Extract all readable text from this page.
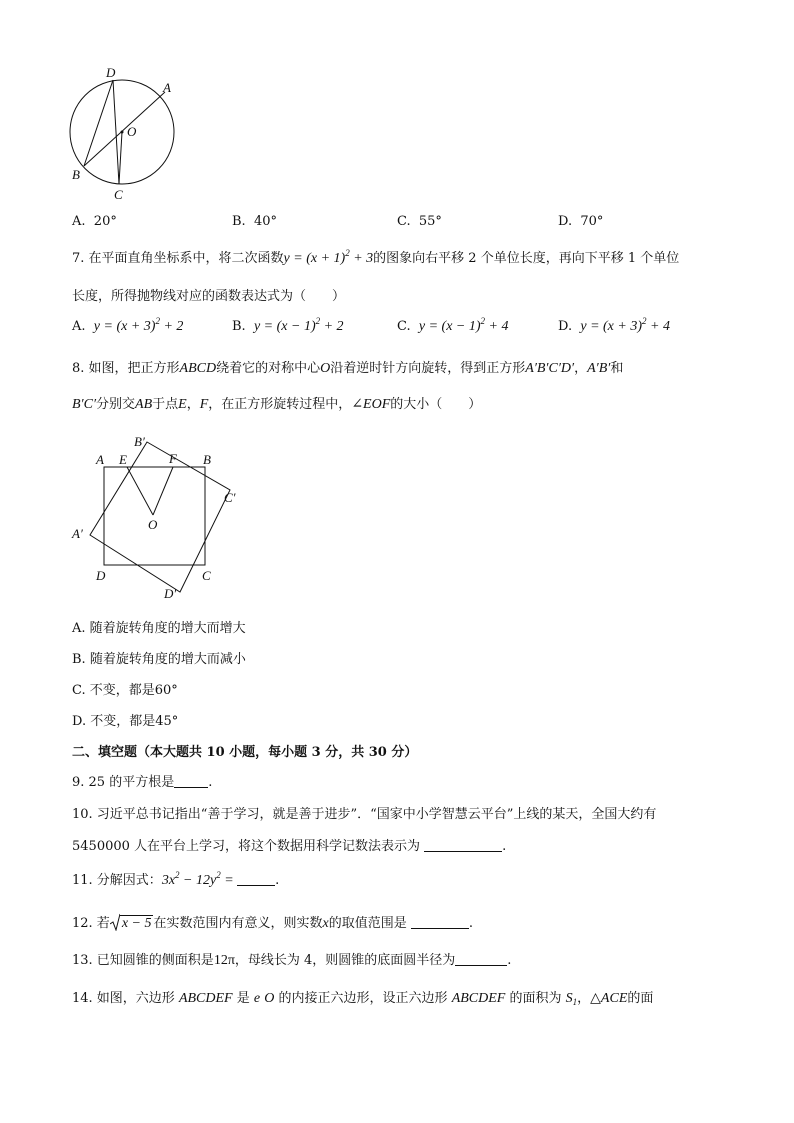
D
A
O
B
C
A. 20°	B. 40°	C. 55°	D. 70°
7. 在平面直角坐标系中，将二次函数$y = (x + 1)^2 + 3$的图象向右平移 2 个单位长度，再向下平移 1 个单位
长度，所得抛物线对应的函数表达式为（　　）
A. $y = (x + 3)^2 + 2$	B. $y = (x - 1)^2 + 2$	C. $y = (x - 1)^2 + 4$	D. $y = (x + 3)^2 + 4$
8. 如图，把正方形ABCD绕着它的对称中心O沿着逆时针方向旋转，得到正方形A′B′C′D′，A′B′和
B′C′分别交AB于点E，F，在正方形旋转过程中，∠EOF的大小（　　）
A E
B′
F B
C′
O
A′
D	C
D′
A. 随着旋转角度的增大而增大
B. 随着旋转角度的增大而减小
C. 不变，都是60°
D. 不变，都是45°
二、填空题（本大题共 10 小题，每小题 3 分，共 30 分）
9. 25 的平方根是	.
10. 习近平总书记指出“善于学习，就是善于进步”．“国家中小学智慧云平台”上线的某天，全国大约有
5450000 人在平台上学习，将这个数据用科学记数法表示为	.
11. 分解因式：$3x^2 - 12y^2$ =	.
12. 若 x − 5 在实数范围内有意义，则实数x的取值范围是	.
13. 已知圆锥的侧面积是12π，母线长为 4，则圆锥的底面圆半径为	.
14. 如图，六边形 ABCDEF 是 e O 的内接正六边形，设正六边形 ABCDEF 的面积为 $S_1$，△ACE的面
